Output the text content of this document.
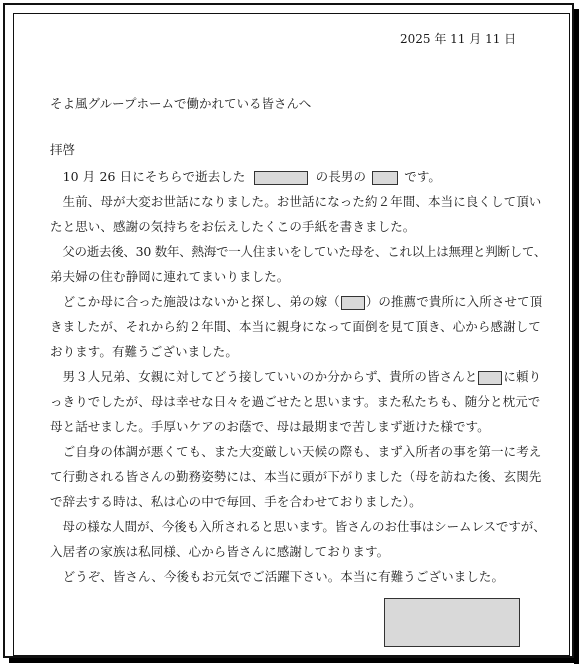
2025 年 11 月 11 日
そよ風グループホームで働かれている皆さんへ
拝啓
　10 月 26 日にそちらで逝去した	の長男の	です。
　生前、母が大変お世話になりました。お世話になった約２年間、本当に良くして頂い
たと思い、感謝の気持ちをお伝えしたくこの手紙を書きました。
　父の逝去後、30 数年、熱海で一人住まいをしていた母を、これ以上は無理と判断して、
弟夫婦の住む静岡に連れてまいりました。
　どこか母に合った施設はないかと探し、弟の嫁（ ）の推薦で貴所に入所させて頂
きましたが、それから約２年間、本当に親身になって面倒を見て頂き、心から感謝して
おります。有難うございました。
　男３人兄弟、女親に対してどう接していいのか分からず、貴所の皆さんと に頼り
っきりでしたが、母は幸せな日々を過ごせたと思います。また私たちも、随分と枕元で
母と話せました。手厚いケアのお蔭で、母は最期まで苦しまず逝けた様です。
　ご自身の体調が悪くても、また大変厳しい天候の際も、まず入所者の事を第一に考え
て行動される皆さんの勤務姿勢には、本当に頭が下がりました（母を訪ねた後、玄関先
で辞去する時は、私は心の中で毎回、手を合わせておりました）。
　母の様な人間が、今後も入所されると思います。皆さんのお仕事はシームレスですが、
入居者の家族は私同様、心から皆さんに感謝しております。
　どうぞ、皆さん、今後もお元気でご活躍下さい。本当に有難うございました。
